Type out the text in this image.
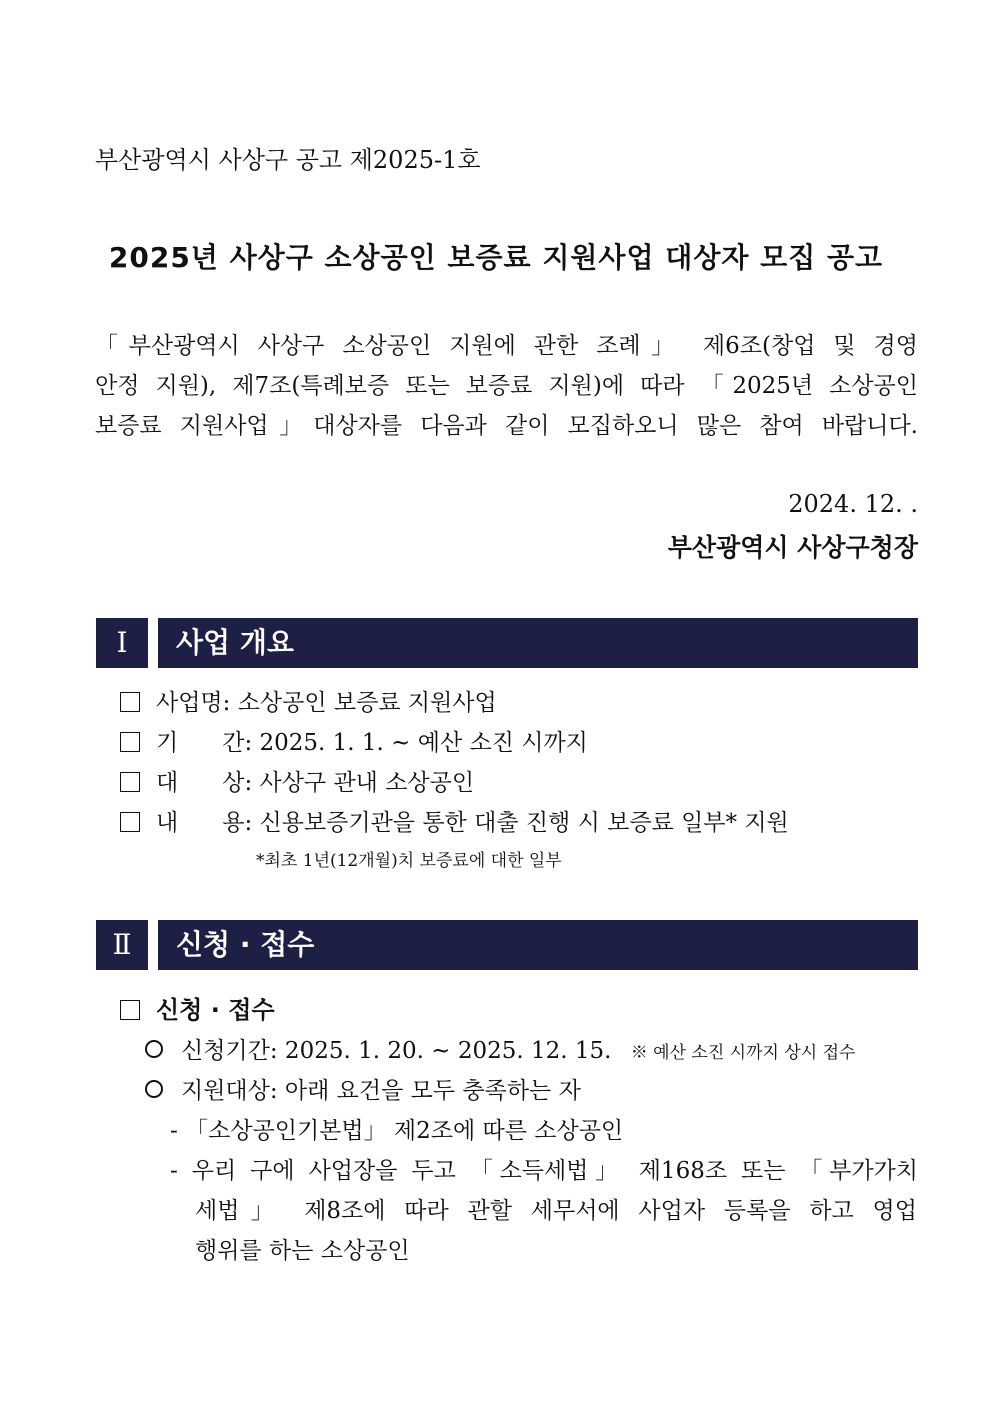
부산광역시 사상구 공고 제2025-1호
2025년 사상구 소상공인 보증료 지원사업 대상자 모집 공고
「부산광역시 사상구 소상공인 지원에 관한 조례」 제6조(창업 및 경영
안정 지원), 제7조(특례보증 또는 보증료 지원)에 따라 「2025년 소상공인
보증료 지원사업」대상자를 다음과 같이 모집하오니 많은 참여 바랍니다.
2024. 12. .
부산광역시 사상구청장
Ⅰ	사업 개요
사업명: 소상공인 보증료 지원사업
기 간: 2025. 1. 1. ~ 예산 소진 시까지
대 상: 사상구 관내 소상공인
내 용: 신용보증기관을 통한 대출 진행 시 보증료 일부* 지원
*최초 1년(12개월)치 보증료에 대한 일부
Ⅱ	신청 · 접수
신청 · 접수
신청기간: 2025. 1. 20. ~ 2025. 12. 15. ※ 예산 소진 시까지 상시 접수
지원대상: 아래 요건을 모두 충족하는 자
- 「소상공인기본법」 제2조에 따른 소상공인
- 우리 구에 사업장을 두고 「소득세법」 제168조 또는 「부가가치
세법」 제8조에 따라 관할 세무서에 사업자 등록을 하고 영업
행위를 하는 소상공인
